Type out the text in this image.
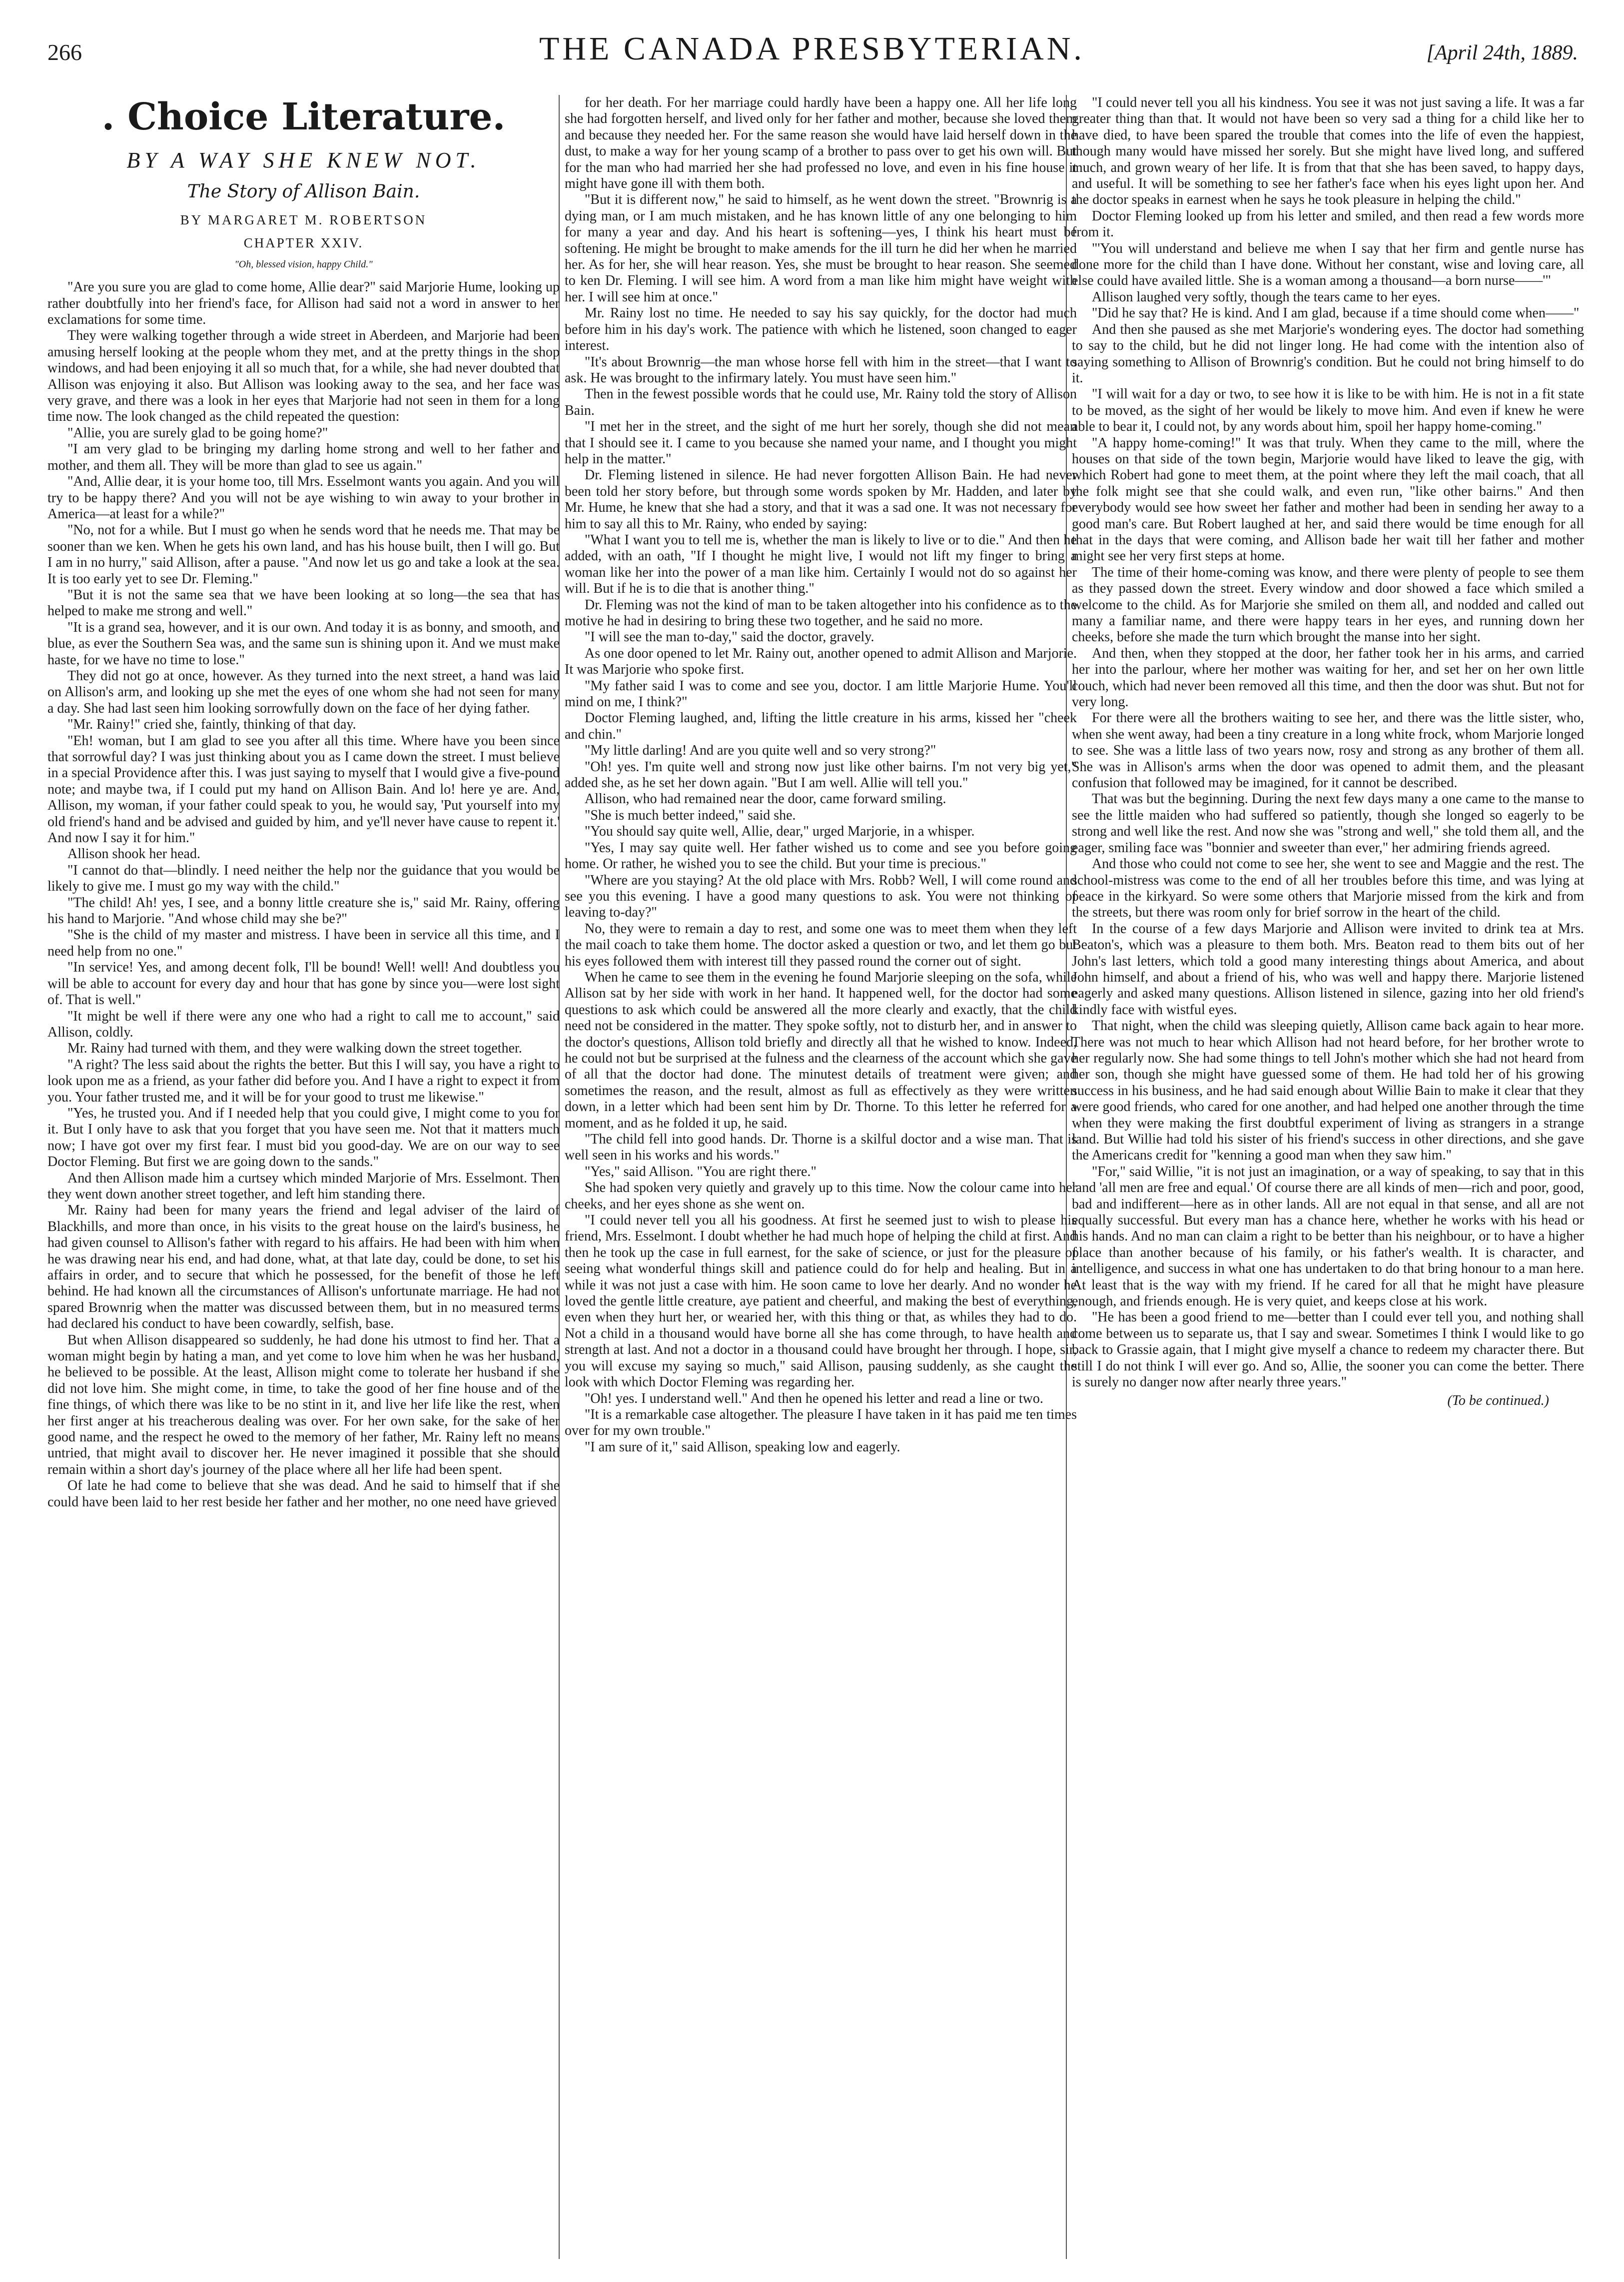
266	THE CANADA PRESBYTERIAN.	[April 24th, 1889.
. Choice Literature.
BY A WAY SHE KNEW NOT.
The Story of Allison Bain.
BY MARGARET M. ROBERTSON
CHAPTER XXIV.
"Oh, blessed vision, happy Child."

"Are you sure you are glad to come home, Allie dear?" said Marjorie Hume, looking up rather doubtfully into her friend's face, for Allison had said not a word in answer to her exclamations for some time.

They were walking together through a wide street in Aberdeen, and Marjorie had been amusing herself looking at the people whom they met, and at the pretty things in the shop windows, and had been enjoying it all so much that, for a while, she had never doubted that Allison was enjoying it also. But Allison was looking away to the sea, and her face was very grave, and there was a look in her eyes that Marjorie had not seen in them for a long time now. The look changed as the child repeated the question:

"Allie, you are surely glad to be going home?"

"I am very glad to be bringing my darling home strong and well to her father and mother, and them all. They will be more than glad to see us again."

"And, Allie dear, it is your home too, till Mrs. Esselmont wants you again. And you will try to be happy there? And you will not be aye wishing to win away to your brother in America—at least for a while?"

"No, not for a while. But I must go when he sends word that he needs me. That may be sooner than we ken. When he gets his own land, and has his house built, then I will go. But I am in no hurry," said Allison, after a pause. "And now let us go and take a look at the sea. It is too early yet to see Dr. Fleming."

"But it is not the same sea that we have been looking at so long—the sea that has helped to make me strong and well."

"It is a grand sea, however, and it is our own. And today it is as bonny, and smooth, and blue, as ever the Southern Sea was, and the same sun is shining upon it. And we must make haste, for we have no time to lose."

They did not go at once, however. As they turned into the next street, a hand was laid on Allison's arm, and looking up she met the eyes of one whom she had not seen for many a day. She had last seen him looking sorrowfully down on the face of her dying father.

"Mr. Rainy!" cried she, faintly, thinking of that day.

"Eh! woman, but I am glad to see you after all this time. Where have you been since that sorrowful day? I was just thinking about you as I came down the street. I must believe in a special Providence after this. I was just saying to myself that I would give a five-pound note; and maybe twa, if I could put my hand on Allison Bain. And lo! here ye are. And, Allison, my woman, if your father could speak to you, he would say, 'Put yourself into my old friend's hand and be advised and guided by him, and ye'll never have cause to repent it.' And now I say it for him."

Allison shook her head.

"I cannot do that—blindly. I need neither the help nor the guidance that you would be likely to give me. I must go my way with the child."

"The child! Ah! yes, I see, and a bonny little creature she is," said Mr. Rainy, offering his hand to Marjorie. "And whose child may she be?"

"She is the child of my master and mistress. I have been in service all this time, and I need help from no one."

"In service! Yes, and among decent folk, I'll be bound! Well! well! And doubtless you will be able to account for every day and hour that has gone by since you—were lost sight of. That is well."

"It might be well if there were any one who had a right to call me to account," said Allison, coldly.

Mr. Rainy had turned with them, and they were walking down the street together.

"A right? The less said about the rights the better. But this I will say, you have a right to look upon me as a friend, as your father did before you. And I have a right to expect it from you. Your father trusted me, and it will be for your good to trust me likewise."

"Yes, he trusted you. And if I needed help that you could give, I might come to you for it. But I only have to ask that you forget that you have seen me. Not that it matters much now; I have got over my first fear. I must bid you good-day. We are on our way to see Doctor Fleming. But first we are going down to the sands."

And then Allison made him a curtsey which minded Marjorie of Mrs. Esselmont. Then they went down another street together, and left him standing there.

Mr. Rainy had been for many years the friend and legal adviser of the laird of Blackhills, and more than once, in his visits to the great house on the laird's business, he had given counsel to Allison's father with regard to his affairs. He had been with him when he was drawing near his end, and had done, what, at that late day, could be done, to set his affairs in order, and to secure that which he possessed, for the benefit of those he left behind. He had known all the circumstances of Allison's unfortunate marriage. He had not spared Brownrig when the matter was discussed between them, but in no measured terms had declared his conduct to have been cowardly, selfish, base.

But when Allison disappeared so suddenly, he had done his utmost to find her. That a woman might begin by hating a man, and yet come to love him when he was her husband, he believed to be possible. At the least, Allison might come to tolerate her husband if she did not love him. She might come, in time, to take the good of her fine house and of the fine things, of which there was like to be no stint in it, and live her life like the rest, when her first anger at his treacherous dealing was over. For her own sake, for the sake of her good name, and the respect he owed to the memory of her father, Mr. Rainy left no means untried, that might avail to discover her. He never imagined it possible that she should remain within a short day's journey of the place where all her life had been spent.

Of late he had come to believe that she was dead. And he said to himself that if she could have been laid to her rest beside her father and her mother, no one need have grieved

for her death. For her marriage could hardly have been a happy one. All her life long she had forgotten herself, and lived only for her father and mother, because she loved them and because they needed her. For the same reason she would have laid herself down in the dust, to make a way for her young scamp of a brother to pass over to get his own will. But for the man who had married her she had professed no love, and even in his fine house it might have gone ill with them both.

"But it is different now," he said to himself, as he went down the street. "Brownrig is a dying man, or I am much mistaken, and he has known little of any one belonging to him for many a year and day. And his heart is softening—yes, I think his heart must be softening. He might be brought to make amends for the ill turn he did her when he married her. As for her, she will hear reason. Yes, she must be brought to hear reason. She seemed to ken Dr. Fleming. I will see him. A word from a man like him might have weight with her. I will see him at once."

Mr. Rainy lost no time. He needed to say his say quickly, for the doctor had much before him in his day's work. The patience with which he listened, soon changed to eager interest.

"It's about Brownrig—the man whose horse fell with him in the street—that I want to ask. He was brought to the infirmary lately. You must have seen him."

Then in the fewest possible words that he could use, Mr. Rainy told the story of Allison Bain.

"I met her in the street, and the sight of me hurt her sorely, though she did not mean that I should see it. I came to you because she named your name, and I thought you might help in the matter."

Dr. Fleming listened in silence. He had never forgotten Allison Bain. He had never been told her story before, but through some words spoken by Mr. Hadden, and later by Mr. Hume, he knew that she had a story, and that it was a sad one. It was not necessary for him to say all this to Mr. Rainy, who ended by saying:

"What I want you to tell me is, whether the man is likely to live or to die." And then he added, with an oath, "If I thought he might live, I would not lift my finger to bring a woman like her into the power of a man like him. Certainly I would not do so against her will. But if he is to die that is another thing."

Dr. Fleming was not the kind of man to be taken altogether into his confidence as to the motive he had in desiring to bring these two together, and he said no more.

"I will see the man to-day," said the doctor, gravely.

As one door opened to let Mr. Rainy out, another opened to admit Allison and Marjorie. It was Marjorie who spoke first.

"My father said I was to come and see you, doctor. I am little Marjorie Hume. You'll mind on me, I think?"

Doctor Fleming laughed, and, lifting the little creature in his arms, kissed her "cheek and chin."

"My little darling! And are you quite well and so very strong?"

"Oh! yes. I'm quite well and strong now just like other bairns. I'm not very big yet," added she, as he set her down again. "But I am well. Allie will tell you."

Allison, who had remained near the door, came forward smiling.

"She is much better indeed," said she.

"You should say quite well, Allie, dear," urged Marjorie, in a whisper.

"Yes, I may say quite well. Her father wished us to come and see you before going home. Or rather, he wished you to see the child. But your time is precious."

"Where are you staying? At the old place with Mrs. Robb? Well, I will come round and see you this evening. I have a good many questions to ask. You were not thinking of leaving to-day?"

No, they were to remain a day to rest, and some one was to meet them when they left the mail coach to take them home. The doctor asked a question or two, and let them go but his eyes followed them with interest till they passed round the corner out of sight.

When he came to see them in the evening he found Marjorie sleeping on the sofa, while Allison sat by her side with work in her hand. It happened well, for the doctor had some questions to ask which could be answered all the more clearly and exactly, that the child need not be considered in the matter. They spoke softly, not to disturb her, and in answer to the doctor's questions, Allison told briefly and directly all that he wished to know. Indeed, he could not but be surprised at the fulness and the clearness of the account which she gave of all that the doctor had done. The minutest details of treatment were given; and sometimes the reason, and the result, almost as full as effectively as they were written down, in a letter which had been sent him by Dr. Thorne. To this letter he referred for a moment, and as he folded it up, he said.

"The child fell into good hands. Dr. Thorne is a skilful doctor and a wise man. That is well seen in his works and his words."

"Yes," said Allison. "You are right there."

She had spoken very quietly and gravely up to this time. Now the colour came into her cheeks, and her eyes shone as she went on.

"I could never tell you all his goodness. At first he seemed just to wish to please his friend, Mrs. Esselmont. I doubt whether he had much hope of helping the child at first. And then he took up the case in full earnest, for the sake of science, or just for the pleasure of seeing what wonderful things skill and patience could do for help and healing. But in a while it was not just a case with him. He soon came to love her dearly. And no wonder he loved the gentle little creature, aye patient and cheerful, and making the best of everything, even when they hurt her, or wearied her, with this thing or that, as whiles they had to do. Not a child in a thousand would have borne all she has come through, to have health and strength at last. And not a doctor in a thousand could have brought her through. I hope, sir, you will excuse my saying so much," said Allison, pausing suddenly, as she caught the look with which Doctor Fleming was regarding her.

"Oh! yes. I understand well." And then he opened his letter and read a line or two.

"It is a remarkable case altogether. The pleasure I have taken in it has paid me ten times over for my own trouble."

"I am sure of it," said Allison, speaking low and eagerly.

"I could never tell you all his kindness. You see it was not just saving a life. It was a far greater thing than that. It would not have been so very sad a thing for a child like her to have died, to have been spared the trouble that comes into the life of even the happiest, though many would have missed her sorely. But she might have lived long, and suffered much, and grown weary of her life. It is from that that she has been saved, to happy days, and useful. It will be something to see her father's face when his eyes light upon her. And the doctor speaks in earnest when he says he took pleasure in helping the child."

Doctor Fleming looked up from his letter and smiled, and then read a few words more from it.

"'You will understand and believe me when I say that her firm and gentle nurse has done more for the child than I have done. Without her constant, wise and loving care, all else could have availed little. She is a woman among a thousand—a born nurse——'"

Allison laughed very softly, though the tears came to her eyes.

"Did he say that? He is kind. And I am glad, because if a time should come when——"

And then she paused as she met Marjorie's wondering eyes. The doctor had something to say to the child, but he did not linger long. He had come with the intention also of saying something to Allison of Brownrig's condition. But he could not bring himself to do it.

"I will wait for a day or two, to see how it is like to be with him. He is not in a fit state to be moved, as the sight of her would be likely to move him. And even if knew he were able to bear it, I could not, by any words about him, spoil her happy home-coming."

"A happy home-coming!" It was that truly. When they came to the mill, where the houses on that side of the town begin, Marjorie would have liked to leave the gig, with which Robert had gone to meet them, at the point where they left the mail coach, that all the folk might see that she could walk, and even run, "like other bairns." And then everybody would see how sweet her father and mother had been in sending her away to a good man's care. But Robert laughed at her, and said there would be time enough for all that in the days that were coming, and Allison bade her wait till her father and mother might see her very first steps at home.

The time of their home-coming was know, and there were plenty of people to see them as they passed down the street. Every window and door showed a face which smiled a welcome to the child. As for Marjorie she smiled on them all, and nodded and called out many a familiar name, and there were happy tears in her eyes, and running down her cheeks, before she made the turn which brought the manse into her sight.

And then, when they stopped at the door, her father took her in his arms, and carried her into the parlour, where her mother was waiting for her, and set her on her own little couch, which had never been removed all this time, and then the door was shut. But not for very long.

For there were all the brothers waiting to see her, and there was the little sister, who, when she went away, had been a tiny creature in a long white frock, whom Marjorie longed to see. She was a little lass of two years now, rosy and strong as any brother of them all. She was in Allison's arms when the door was opened to admit them, and the pleasant confusion that followed may be imagined, for it cannot be described.

That was but the beginning. During the next few days many a one came to the manse to see the little maiden who had suffered so patiently, though she longed so eagerly to be strong and well like the rest. And now she was "strong and well," she told them all, and the eager, smiling face was "bonnier and sweeter than ever," her admiring friends agreed.

And those who could not come to see her, she went to see and Maggie and the rest. The school-mistress was come to the end of all her troubles before this time, and was lying at peace in the kirkyard. So were some others that Marjorie missed from the kirk and from the streets, but there was room only for brief sorrow in the heart of the child.

In the course of a few days Marjorie and Allison were invited to drink tea at Mrs. Beaton's, which was a pleasure to them both. Mrs. Beaton read to them bits out of her John's last letters, which told a good many interesting things about America, and about John himself, and about a friend of his, who was well and happy there. Marjorie listened eagerly and asked many questions. Allison listened in silence, gazing into her old friend's kindly face with wistful eyes.

That night, when the child was sleeping quietly, Allison came back again to hear more. There was not much to hear which Allison had not heard before, for her brother wrote to her regularly now. She had some things to tell John's mother which she had not heard from her son, though she might have guessed some of them. He had told her of his growing success in his business, and he had said enough about Willie Bain to make it clear that they were good friends, who cared for one another, and had helped one another through the time when they were making the first doubtful experiment of living as strangers in a strange land. But Willie had told his sister of his friend's success in other directions, and she gave the Americans credit for "kenning a good man when they saw him."

"For," said Willie, "it is not just an imagination, or a way of speaking, to say that in this land 'all men are free and equal.' Of course there are all kinds of men—rich and poor, good, bad and indifferent—here as in other lands. All are not equal in that sense, and all are not equally successful. But every man has a chance here, whether he works with his head or his hands. And no man can claim a right to be better than his neighbour, or to have a higher place than another because of his family, or his father's wealth. It is character, and intelligence, and success in what one has undertaken to do that bring honour to a man here. At least that is the way with my friend. If he cared for all that he might have pleasure enough, and friends enough. He is very quiet, and keeps close at his work.

"He has been a good friend to me—better than I could ever tell you, and nothing shall come between us to separate us, that I say and swear. Sometimes I think I would like to go back to Grassie again, that I might give myself a chance to redeem my character there. But still I do not think I will ever go. And so, Allie, the sooner you can come the better. There is surely no danger now after nearly three years."

(To be continued.)
